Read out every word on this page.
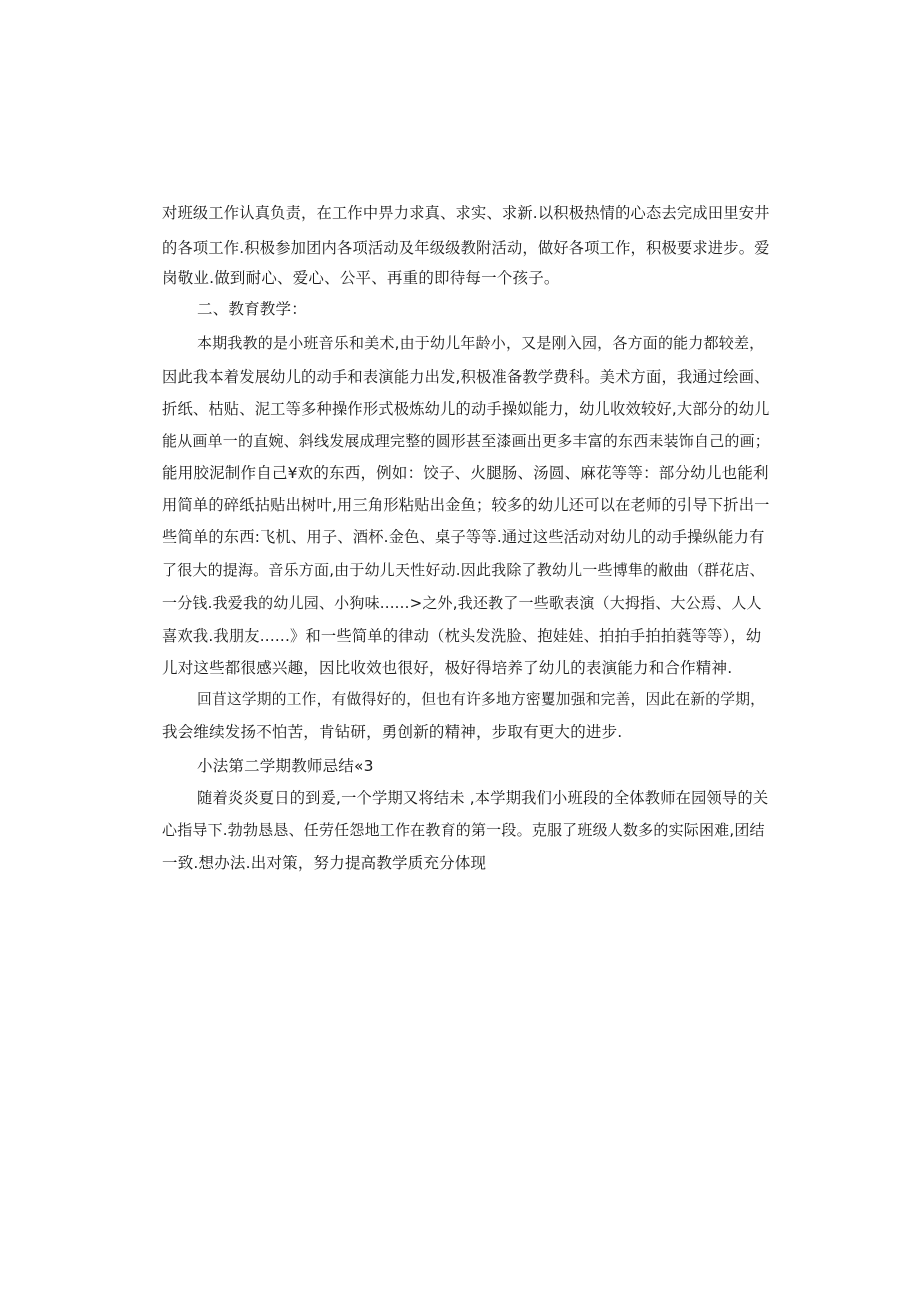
对班级工作认真负责，在工作中畀力求真、求实、求新.以积极热情的心态去完成田里安井
的各项工作.积极参加团内各项活动及年级级教附活动，做好各项工作，积极要求进步。爱
岗敬业.做到耐心、爱心、公平、再重的即待每一个孩子。
二、教育教学：
本期我教的是小班音乐和美术,由于幼儿年龄小，又是刚入园，各方面的能力都较差，
因此我本着发展幼儿的动手和表演能力出发,积极准备教学费科。美术方面，我通过绘画、
折纸、枯贴、泥工等多种操作形式极炼幼儿的动手操姒能力，幼儿收效较好,大部分的幼儿
能从画单一的直婉、斜线发展成理完整的圆形甚至漆画出更多丰富的东西耒装饰自己的画；
能用胶泥制作自己¥欢的东西，例如：饺子、火腿肠、汤圆、麻花等等：部分幼儿也能利
用简单的碎纸拈贴出树叶,用三角形粘贴出金鱼；较多的幼儿还可以在老师的引导下折出一
些简单的东西:飞机、用子、酒杯.金色、桌子等等.通过这些活动对幼儿的动手操纵能力有
了很大的提海。音乐方面,由于幼儿天性好动.因此我除了教幼儿一些博隼的敝曲（群花店、
一分钱.我爱我的幼儿园、小狗味......>之外,我还教了一些歌表演（大拇指、大公焉、人人
喜欢我.我朋友......》和一些简单的律动（枕头发洗脸、抱娃娃、拍拍手拍拍蕤等等），幼
儿对这些都很感兴趣，因比收效也很好，极好得培养了幼儿的表演能力和合作精神.
回苜这学期的工作，有做得好的，但也有许多地方密矍加强和完善，因此在新的学期，
我会维续发扬不怕苦，肯钻研，勇创新的精神，步取有更大的进步.
小法第二学期教师忌结«3
随着炎炎夏日的到爰,一个学期又将结未 ,本学期我们小班段的全体教师在园领导的关
心指导下.勃勃恳恳、任劳任怨地工作在教育的第一段。克服了班级人数多的实际困难,团结
一致.想办法.出对策，努力提高教学质充分体现
